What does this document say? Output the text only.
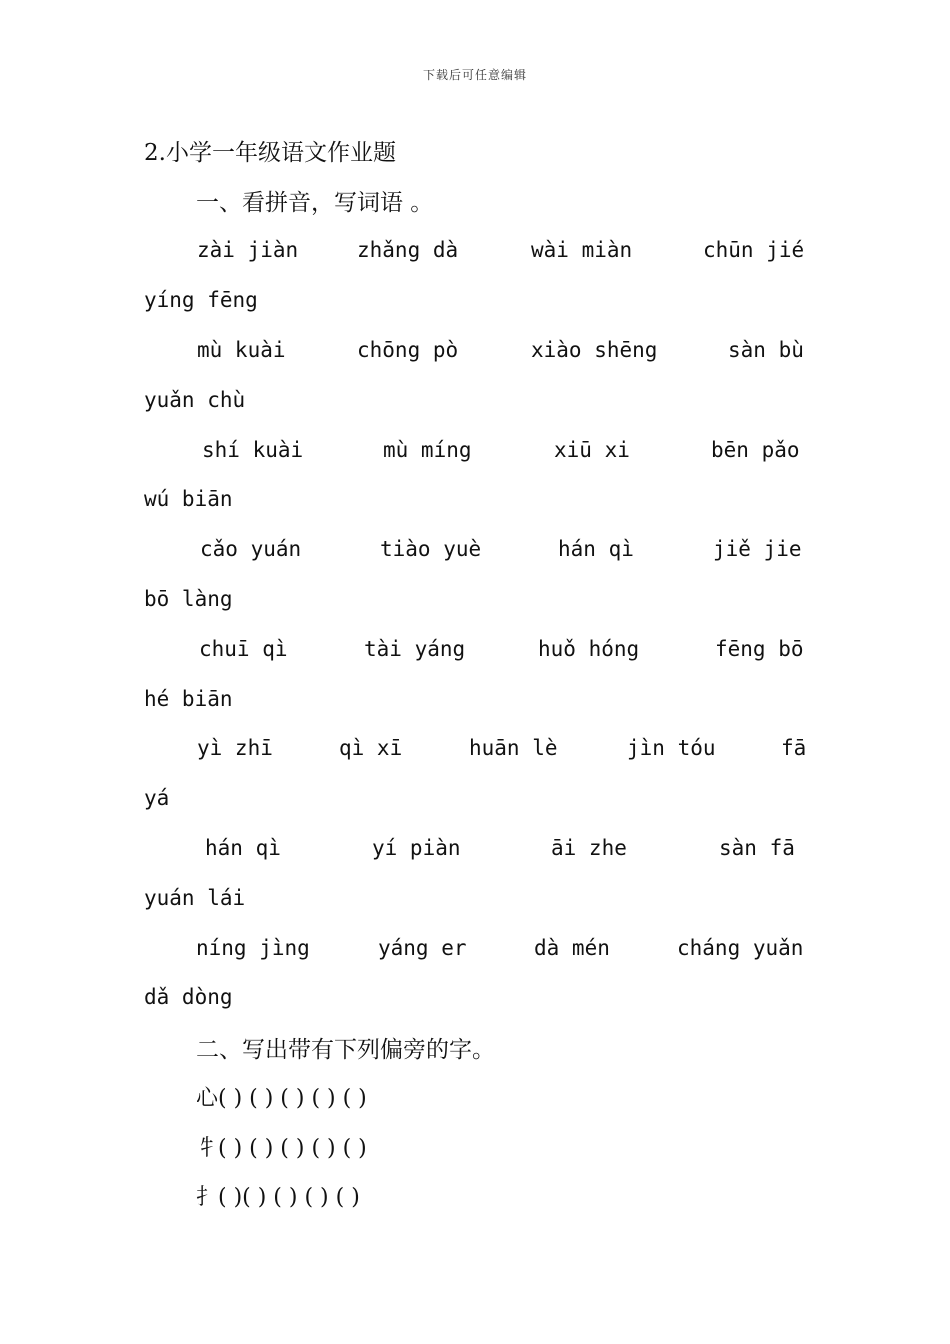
下载后可任意编辑
2.小学一年级语文作业题
一、看拼音，写词语 。
zài jiàn	zhǎng dà	wài miàn	chūn jié
yíng fēng
mù kuài	chōng pò	xiào shēng	sàn bù
yuǎn chù
shí kuài	mù míng	xiū xi	bēn pǎo
wú biān
cǎo yuán	tiào yuè	hán qì	jiě jie
bō làng
chuī qì	tài yáng	huǒ hóng	fēng bō
hé biān
yì zhī	qì xī	huān lè	jìn tóu	fā
yá
hán qì	yí piàn	āi zhe	sàn fā
yuán lái
níng jìng	yáng er	dà mén	cháng yuǎn
dǎ dòng
二、写出带有下列偏旁的字。
心( ) ( ) ( ) ( ) ( )
牜( ) ( ) ( ) ( ) ( )
扌( )( ) ( ) ( ) ( )
